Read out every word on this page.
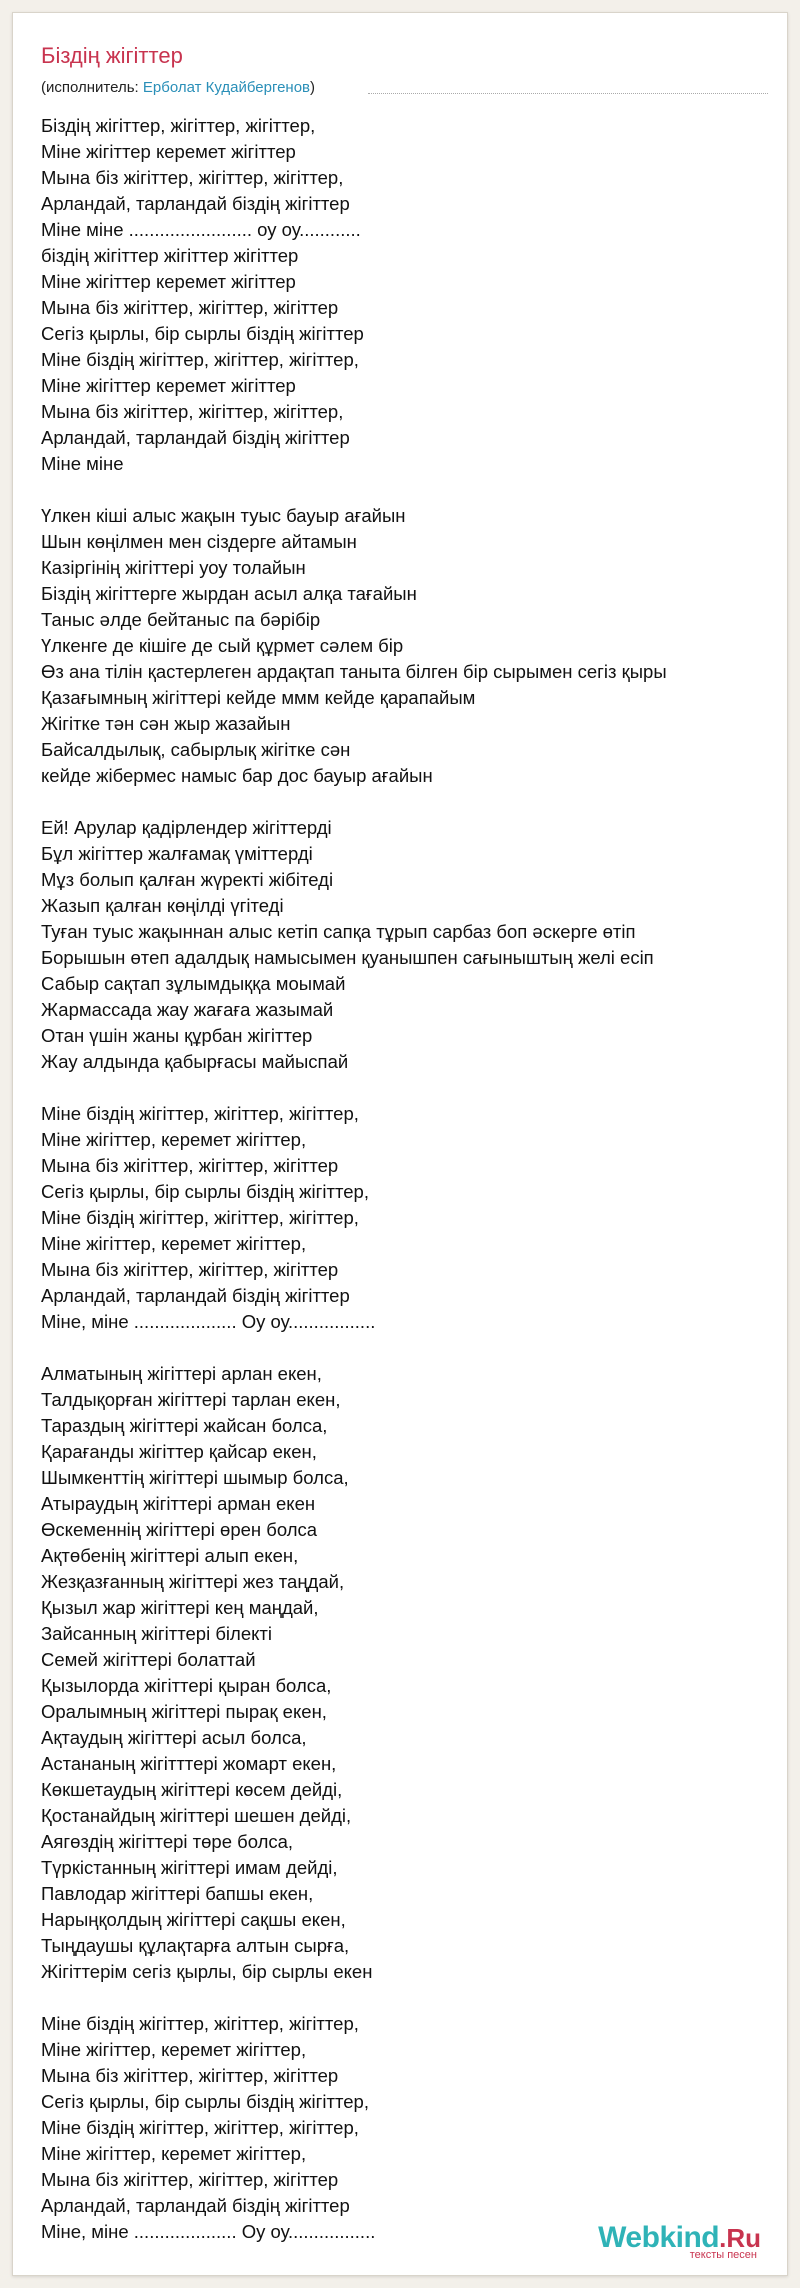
Біздің жігіттер
(исполнитель: Ерболат Кудайбергенов)
Біздің жігіттер, жігіттер, жігіттер,
Міне жігіттер керемет жігіттер
Мына біз жігіттер, жігіттер, жігіттер,
Арландай, тарландай біздің жігіттер
Міне міне ........................ оу оу............
біздің жігіттер жігіттер жігіттер
Міне жігіттер керемет жігіттер
Мына біз жігіттер, жігіттер, жігіттер
Сегіз қырлы, бір сырлы біздің жігіттер
Міне біздің жігіттер, жігіттер, жігіттер,
Міне жігіттер керемет жігіттер
Мына біз жігіттер, жігіттер, жігіттер,
Арландай, тарландай біздің жігіттер
Міне міне
Үлкен кіші алыс жақын туыс бауыр ағайын
Шын көңілмен мен сіздерге айтамын
Казіргінің жігіттері уоу толайын
Біздің жігіттерге жырдан асыл алқа тағайын
Таныс әлде бейтаныс па бәрібір
Үлкенге де кішіге де сый құрмет сәлем бір
Өз ана тілін қастерлеген ардақтап таныта білген бір сырымен сегіз қыры
Қазағымның жігіттері кейде ммм кейде қарапайым
Жігітке тән сән жыр жазайын
Байсалдылық, сабырлық жігітке сән
кейде жібермес намыс бар дос бауыр ағайын
Ей! Арулар қадірлендер жігіттерді
Бұл жігіттер жалғамақ үміттерді
Мұз болып қалған жүректі жібітеді
Жазып қалған көңілді үгітеді
Туған туыс жақыннан алыс кетіп сапқа тұрып сарбаз боп әскерге өтіп
Борышын өтеп адалдық намысымен қуанышпен сағыныштың желі есіп
Сабыр сақтап зұлымдыққа моымай
Жармассада жау жағаға жазымай
Отан үшін жаны құрбан жігіттер
Жау алдында қабырғасы майыспай
Міне біздің жігіттер, жігіттер, жігіттер,
Міне жігіттер, керемет жігіттер,
Мына біз жігіттер, жігіттер, жігіттер
Сегіз қырлы, бір сырлы біздің жігіттер,
Міне біздің жігіттер, жігіттер, жігіттер,
Міне жігіттер, керемет жігіттер,
Мына біз жігіттер, жігіттер, жігіттер
Арландай, тарландай біздің жігіттер
Міне, міне .................... Оу оу.................
Алматының жігіттері арлан екен,
Талдықорған жігіттері тарлан екен,
Тараздың жігіттері жайсан болса,
Қарағанды жігіттер қайсар екен,
Шымкенттің жігіттері шымыр болса,
Атыраудың жігіттері арман екен
Өскеменнің жігіттері өрен болса
Ақтөбенің жігіттері алып екен,
Жезқазғанның жігіттері жез таңдай,
Қызыл жар жігіттері кең маңдай,
Зайсанның жігіттері білекті
Семей жігіттері болаттай
Қызылорда жігіттері қыран болса,
Оралымның жігіттері пырақ екен,
Ақтаудың жігіттері асыл болса,
Астананың жігітттері жомарт екен,
Көкшетаудың жігіттері көсем дейді,
Қостанайдың жігіттері шешен дейді,
Аягөздің жігіттері төре болса,
Түркістанның жігіттері имам дейді,
Павлодар жігіттері бапшы екен,
Нарыңқолдың жігіттері сақшы екен,
Тыңдаушы құлақтарға алтын сырға,
Жігіттерім сегіз қырлы, бір сырлы екен
Міне біздің жігіттер, жігіттер, жігіттер,
Міне жігіттер, керемет жігіттер,
Мына біз жігіттер, жігіттер, жігіттер
Сегіз қырлы, бір сырлы біздің жігіттер,
Міне біздің жігіттер, жігіттер, жігіттер,
Міне жігіттер, керемет жігіттер,
Мына біз жігіттер, жігіттер, жігіттер
Арландай, тарландай біздің жігіттер
Міне, міне .................... Оу оу.................	Webkind.Ru
тексты песен
